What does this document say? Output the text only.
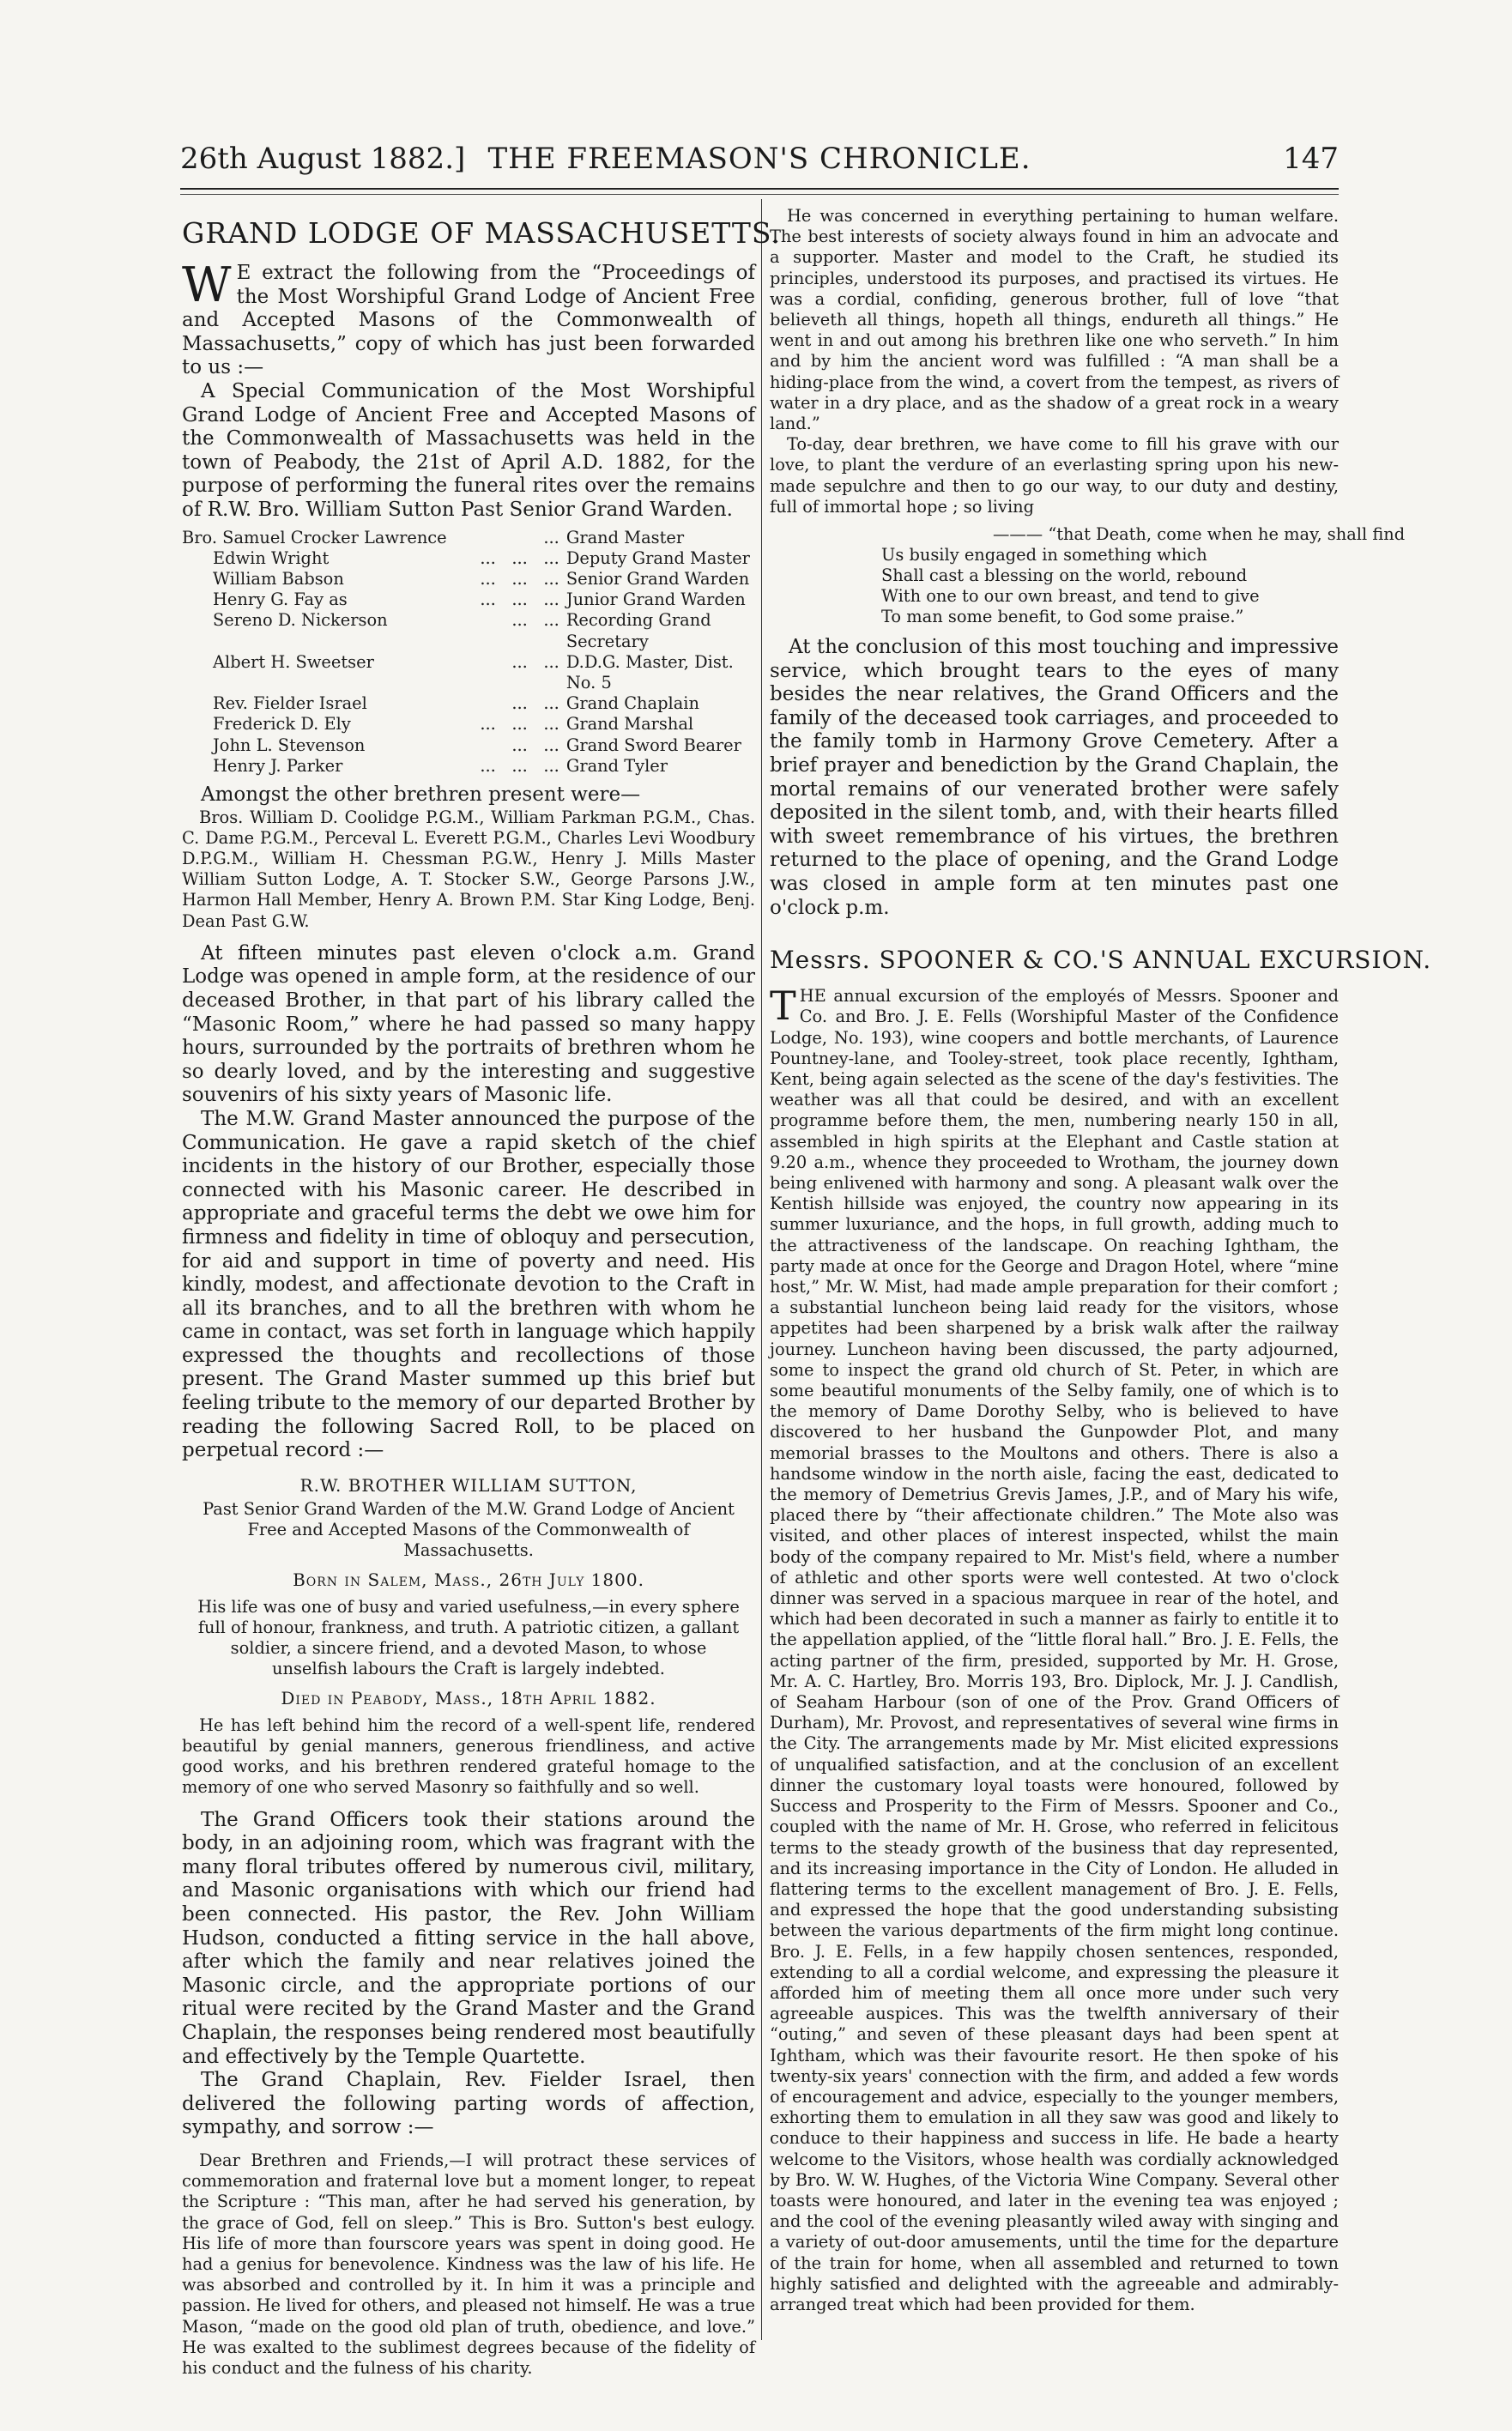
26th August 1882.] THE FREEMASON'S CHRONICLE.	147
GRAND LODGE OF MASSACHUSETTS.

W E extract the following from the “Proceedings of the Most Worshipful Grand Lodge of Ancient Free and Accepted Masons of the Commonwealth of Massachusetts,” copy of which has just been forwarded to us :—

A Special Communication of the Most Worshipful Grand Lodge of Ancient Free and Accepted Masons of the Commonwealth of Massachusetts was held in the town of Peabody, the 21st of April A.D. 1882, for the purpose of performing the funeral rites over the remains of R.W. Bro. William Sutton Past Senior Grand Warden.

Bro. Samuel Crocker Lawrence	...	Grand Master
Edwin Wright	...   ...   ...	Deputy Grand Master
William Babson	...   ...   ...	Senior Grand Warden
Henry G. Fay as	...   ...   ...	Junior Grand Warden
Sereno D. Nickerson	...   ...	Recording Grand Secretary
Albert H. Sweetser	...   ...	D.D.G. Master, Dist. No. 5
Rev. Fielder Israel	...   ...	Grand Chaplain
Frederick D. Ely	...   ...   ...	Grand Marshal
John L. Stevenson	...   ...	Grand Sword Bearer
Henry J. Parker	...   ...   ...	Grand Tyler

Amongst the other brethren present were—

Bros. William D. Coolidge P.G.M., William Parkman P.G.M., Chas. C. Dame P.G.M., Perceval L. Everett P.G.M., Charles Levi Woodbury D.P.G.M., William H. Chessman P.G.W., Henry J. Mills Master William Sutton Lodge, A. T. Stocker S.W., George Parsons J.W., Harmon Hall Member, Henry A. Brown P.M. Star King Lodge, Benj. Dean Past G.W.

At fifteen minutes past eleven o'clock a.m. Grand Lodge was opened in ample form, at the residence of our deceased Brother, in that part of his library called the “Masonic Room,” where he had passed so many happy hours, surrounded by the portraits of brethren whom he so dearly loved, and by the interesting and suggestive souvenirs of his sixty years of Masonic life.

The M.W. Grand Master announced the purpose of the Communication. He gave a rapid sketch of the chief incidents in the history of our Brother, especially those connected with his Masonic career. He described in appropriate and graceful terms the debt we owe him for firmness and fidelity in time of obloquy and persecution, for aid and support in time of poverty and need. His kindly, modest, and affectionate devotion to the Craft in all its branches, and to all the brethren with whom he came in contact, was set forth in language which happily expressed the thoughts and recollections of those present. The Grand Master summed up this brief but feeling tribute to the memory of our departed Brother by reading the following Sacred Roll, to be placed on perpetual record :—

R.W. BROTHER WILLIAM SUTTON,
Past Senior Grand Warden of the M.W. Grand Lodge of Ancient Free and Accepted Masons of the Commonwealth of Massachusetts.
Born in Salem, Mass., 26th July 1800.
His life was one of busy and varied usefulness,—in every sphere full of honour, frankness, and truth. A patriotic citizen, a gallant soldier, a sincere friend, and a devoted Mason, to whose unselfish labours the Craft is largely indebted.
Died in Peabody, Mass., 18th April 1882.

He has left behind him the record of a well-spent life, rendered beautiful by genial manners, generous friendliness, and active good works, and his brethren rendered grateful homage to the memory of one who served Masonry so faithfully and so well.

The Grand Officers took their stations around the body, in an adjoining room, which was fragrant with the many floral tributes offered by numerous civil, military, and Masonic organisations with which our friend had been connected. His pastor, the Rev. John William Hudson, conducted a fitting service in the hall above, after which the family and near relatives joined the Masonic circle, and the appropriate portions of our ritual were recited by the Grand Master and the Grand Chaplain, the responses being rendered most beautifully and effectively by the Temple Quartette.

The Grand Chaplain, Rev. Fielder Israel, then delivered the following parting words of affection, sympathy, and sorrow :—

Dear Brethren and Friends,—I will protract these services of commemoration and fraternal love but a moment longer, to repeat the Scripture : “This man, after he had served his generation, by the grace of God, fell on sleep.” This is Bro. Sutton's best eulogy. His life of more than fourscore years was spent in doing good. He had a genius for benevolence. Kindness was the law of his life. He was absorbed and controlled by it. In him it was a principle and passion. He lived for others, and pleased not himself. He was a true Mason, “made on the good old plan of truth, obedience, and love.” He was exalted to the sublimest degrees because of the fidelity of his conduct and the fulness of his charity.

He was concerned in everything pertaining to human welfare. The best interests of society always found in him an advocate and a supporter. Master and model to the Craft, he studied its principles, understood its purposes, and practised its virtues. He was a cordial, confiding, generous brother, full of love “that believeth all things, hopeth all things, endureth all things.” He went in and out among his brethren like one who serveth.” In him and by him the ancient word was fulfilled : “A man shall be a hiding-place from the wind, a covert from the tempest, as rivers of water in a dry place, and as the shadow of a great rock in a weary land.”

To-day, dear brethren, we have come to fill his grave with our love, to plant the verdure of an everlasting spring upon his new-made sepulchre and then to go our way, to our duty and destiny, full of immortal hope ; so living

——— “that Death, come when he may, shall find
Us busily engaged in something which
Shall cast a blessing on the world, rebound
With one to our own breast, and tend to give
To man some benefit, to God some praise.”

At the conclusion of this most touching and impressive service, which brought tears to the eyes of many besides the near relatives, the Grand Officers and the family of the deceased took carriages, and proceeded to the family tomb in Harmony Grove Cemetery. After a brief prayer and benediction by the Grand Chaplain, the mortal remains of our venerated brother were safely deposited in the silent tomb, and, with their hearts filled with sweet remembrance of his virtues, the brethren returned to the place of opening, and the Grand Lodge was closed in ample form at ten minutes past one o'clock p.m.

Messrs. SPOONER & CO.'S ANNUAL EXCURSION.

THE annual excursion of the employés of Messrs. Spooner and Co. and Bro. J. E. Fells (Worshipful Master of the Confidence Lodge, No. 193), wine coopers and bottle merchants, of Laurence Pountney-lane, and Tooley-street, took place recently, Ightham, Kent, being again selected as the scene of the day's festivities. The weather was all that could be desired, and with an excellent programme before them, the men, numbering nearly 150 in all, assembled in high spirits at the Elephant and Castle station at 9.20 a.m., whence they proceeded to Wrotham, the journey down being enlivened with harmony and song. A pleasant walk over the Kentish hillside was enjoyed, the country now appearing in its summer luxuriance, and the hops, in full growth, adding much to the attractiveness of the landscape. On reaching Ightham, the party made at once for the George and Dragon Hotel, where “mine host,” Mr. W. Mist, had made ample preparation for their comfort ; a substantial luncheon being laid ready for the visitors, whose appetites had been sharpened by a brisk walk after the railway journey. Luncheon having been discussed, the party adjourned, some to inspect the grand old church of St. Peter, in which are some beautiful monuments of the Selby family, one of which is to the memory of Dame Dorothy Selby, who is believed to have discovered to her husband the Gunpowder Plot, and many memorial brasses to the Moultons and others. There is also a handsome window in the north aisle, facing the east, dedicated to the memory of Demetrius Grevis James, J.P., and of Mary his wife, placed there by “their affectionate children.” The Mote also was visited, and other places of interest inspected, whilst the main body of the company repaired to Mr. Mist's field, where a number of athletic and other sports were well contested. At two o'clock dinner was served in a spacious marquee in rear of the hotel, and which had been decorated in such a manner as fairly to entitle it to the appellation applied, of the “little floral hall.” Bro. J. E. Fells, the acting partner of the firm, presided, supported by Mr. H. Grose, Mr. A. C. Hartley, Bro. Morris 193, Bro. Diplock, Mr. J. J. Candlish, of Seaham Harbour (son of one of the Prov. Grand Officers of Durham), Mr. Provost, and representatives of several wine firms in the City. The arrangements made by Mr. Mist elicited expressions of unqualified satisfaction, and at the conclusion of an excellent dinner the customary loyal toasts were honoured, followed by Success and Prosperity to the Firm of Messrs. Spooner and Co., coupled with the name of Mr. H. Grose, who referred in felicitous terms to the steady growth of the business that day represented, and its increasing importance in the City of London. He alluded in flattering terms to the excellent management of Bro. J. E. Fells, and expressed the hope that the good understanding subsisting between the various departments of the firm might long continue. Bro. J. E. Fells, in a few happily chosen sentences, responded, extending to all a cordial welcome, and expressing the pleasure it afforded him of meeting them all once more under such very agreeable auspices. This was the twelfth anniversary of their “outing,” and seven of these pleasant days had been spent at Ightham, which was their favourite resort. He then spoke of his twenty-six years' connection with the firm, and added a few words of encouragement and advice, especially to the younger members, exhorting them to emulation in all they saw was good and likely to conduce to their happiness and success in life. He bade a hearty welcome to the Visitors, whose health was cordially acknowledged by Bro. W. W. Hughes, of the Victoria Wine Company. Several other toasts were honoured, and later in the evening tea was enjoyed ; and the cool of the evening pleasantly wiled away with singing and a variety of out-door amusements, until the time for the departure of the train for home, when all assembled and returned to town highly satisfied and delighted with the agreeable and admirably-arranged treat which had been provided for them.
